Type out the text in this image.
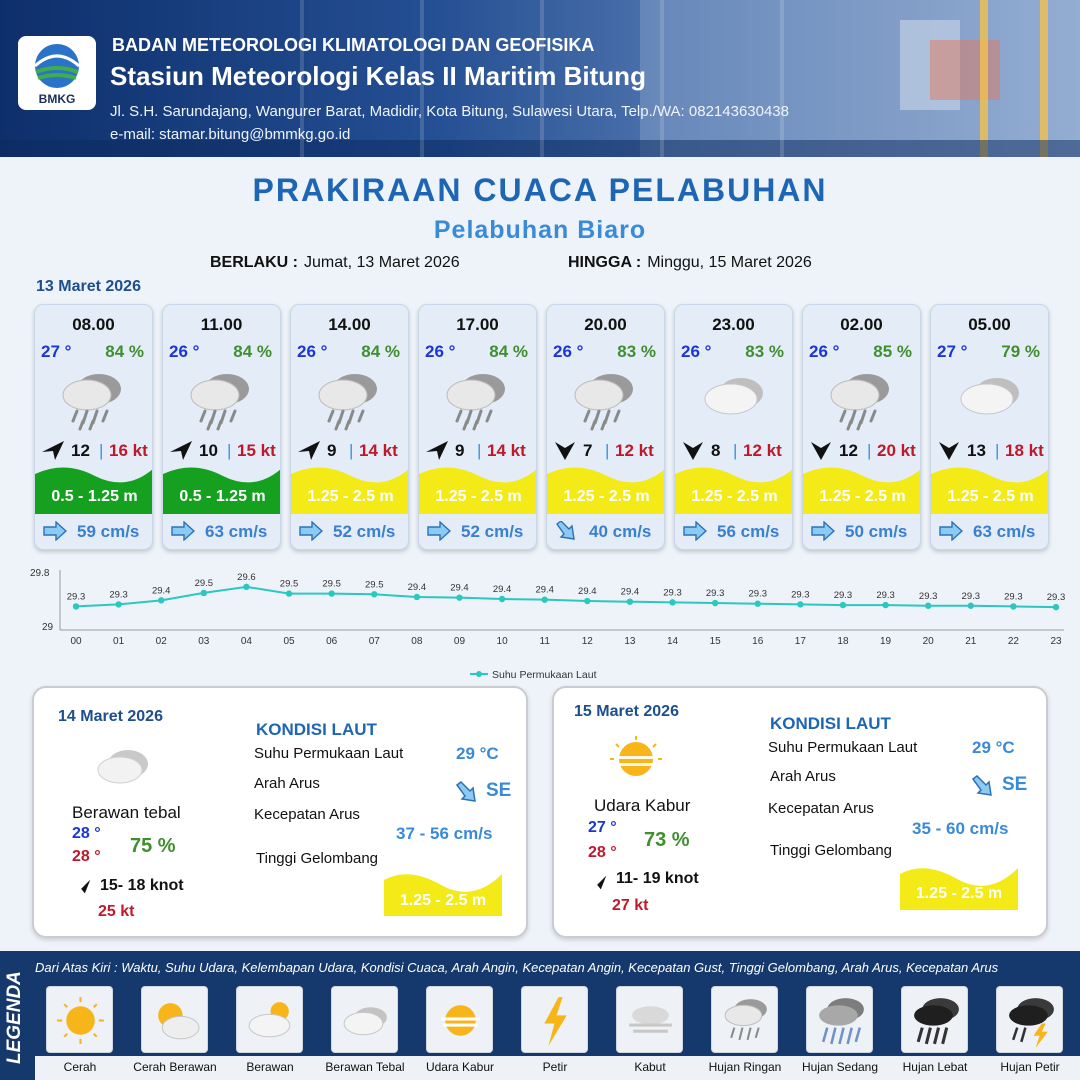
BMKG
BADAN METEOROLOGI KLIMATOLOGI DAN GEOFISIKA
Stasiun Meteorologi Kelas II Maritim Bitung
Jl. S.H. Sarundajang, Wangurer Barat, Madidir, Kota Bitung, Sulawesi Utara, Telp./WA: 082143630438
e-mail: stamar.bitung@bmmkg.go.id
PRAKIRAAN CUACA PELABUHAN
Pelabuhan Biaro
BERLAKU : Jumat, 13 Maret 2026	HINGGA : Minggu, 15 Maret 2026
13 Maret 2026
08.00
27 ° 84 %
12 | 16 kt
0.5 - 1.25 m
59 cm/s
11.00
26 ° 84 %
10 | 15 kt
0.5 - 1.25 m
63 cm/s
14.00
26 ° 84 %
9 | 14 kt
1.25 - 2.5 m
52 cm/s
17.00
26 ° 84 %
9 | 14 kt
1.25 - 2.5 m
52 cm/s
20.00
26 ° 83 %
7 | 12 kt
1.25 - 2.5 m
40 cm/s
23.00
26 ° 83 %
8 | 12 kt
1.25 - 2.5 m
56 cm/s
02.00
26 ° 85 %
12 | 20 kt
1.25 - 2.5 m
50 cm/s
05.00
27 ° 79 %
13 | 18 kt
1.25 - 2.5 m
63 cm/s
29.8
29
29.3
00
29.3
01
29.4
02
29.5
03
29.6
04
29.5
05
29.5
06
29.5
07
29.4
08
29.4
09
29.4
10
29.4
11
29.4
12
29.4
13
29.3
14
29.3
15
29.3
16
29.3
17
29.3
18
29.3
19
29.3
20
29.3
21
29.3
22
29.3
23
Suhu Permukaan Laut
14 Maret 2026
Berawan tebal
28 °
28 ° 75 %
15- 18 knot
25 kt
KONDISI LAUT
Suhu Permukaan Laut	29 °C
Arah Arus	SE
Kecepatan Arus
37 - 56 cm/s
Tinggi Gelombang
1.25 - 2.5 m
15 Maret 2026
Udara Kabur
27 °
28 °
73 %
11- 19 knot
27 kt
KONDISI LAUT
Suhu Permukaan Laut	29 °C
Arah Arus	SE
Kecepatan Arus
35 - 60 cm/s
Tinggi Gelombang
1.25 - 2.5 m
LEGENDA
Dari Atas Kiri : Waktu, Suhu Udara, Kelembapan Udara, Kondisi Cuaca, Arah Angin, Kecepatan Angin, Kecepatan Gust, Tinggi Gelombang, Arah Arus, Kecepatan Arus
Cerah	Cerah Berawan	Berawan	Berawan Tebal	Udara Kabur	Petir	Kabut	Hujan Ringan	Hujan Sedang	Hujan Lebat	Hujan Petir
